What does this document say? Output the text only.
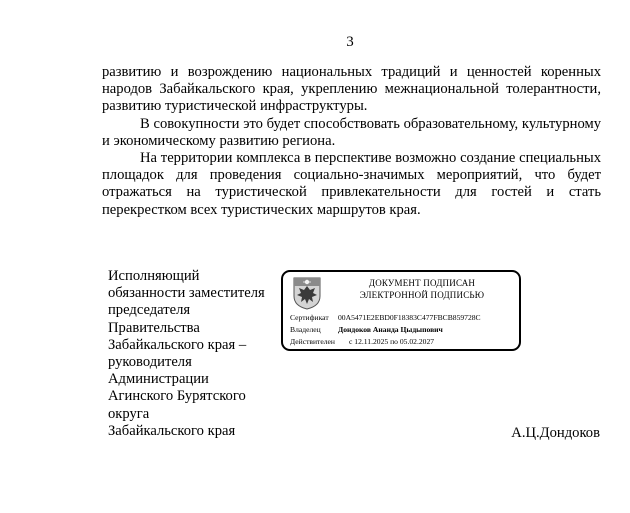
3

развитию и возрождению национальных традиций и ценностей коренных народов Забайкальского края, укреплению межнациональной толерантности, развитию туристической инфраструктуры.

В совокупности это будет способствовать образовательному, культурному и экономическому развитию региона.

На территории комплекса в перспективе возможно создание специальных площадок для проведения социально-значимых мероприятий, что будет отражаться на туристической привлекательности для гостей и стать перекрестком всех туристических маршрутов края.

Исполняющий
обязанности заместителя
председателя
Правительства
Забайкальского края –
руководителя
Администрации
Агинского Бурятского
округа
Забайкальского края	А.Ц.Дондоков
ДОКУМЕНТ ПОДПИСАН
ЭЛЕКТРОННОЙ ПОДПИСЬЮ
Сертификат 00A5471E2EBD0F18383C477FBCB859728C
Владелец Дондоков Ананда Цыдыпович
Действителен с 12.11.2025 по 05.02.2027
